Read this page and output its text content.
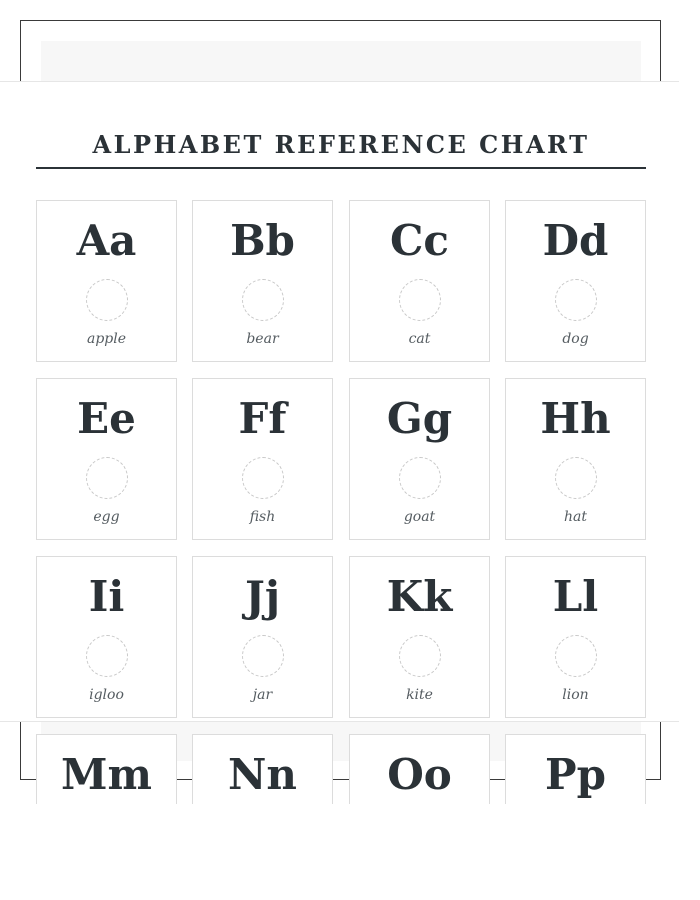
ALPHABET REFERENCE CHART
Aa
apple
Bb
bear
Cc
cat
Dd
dog
Ee
egg
Ff
fish
Gg
goat
Hh
hat
Ii
igloo
Jj
jar
Kk
kite
Ll
lion
Mm	Nn	Oo	Pp
